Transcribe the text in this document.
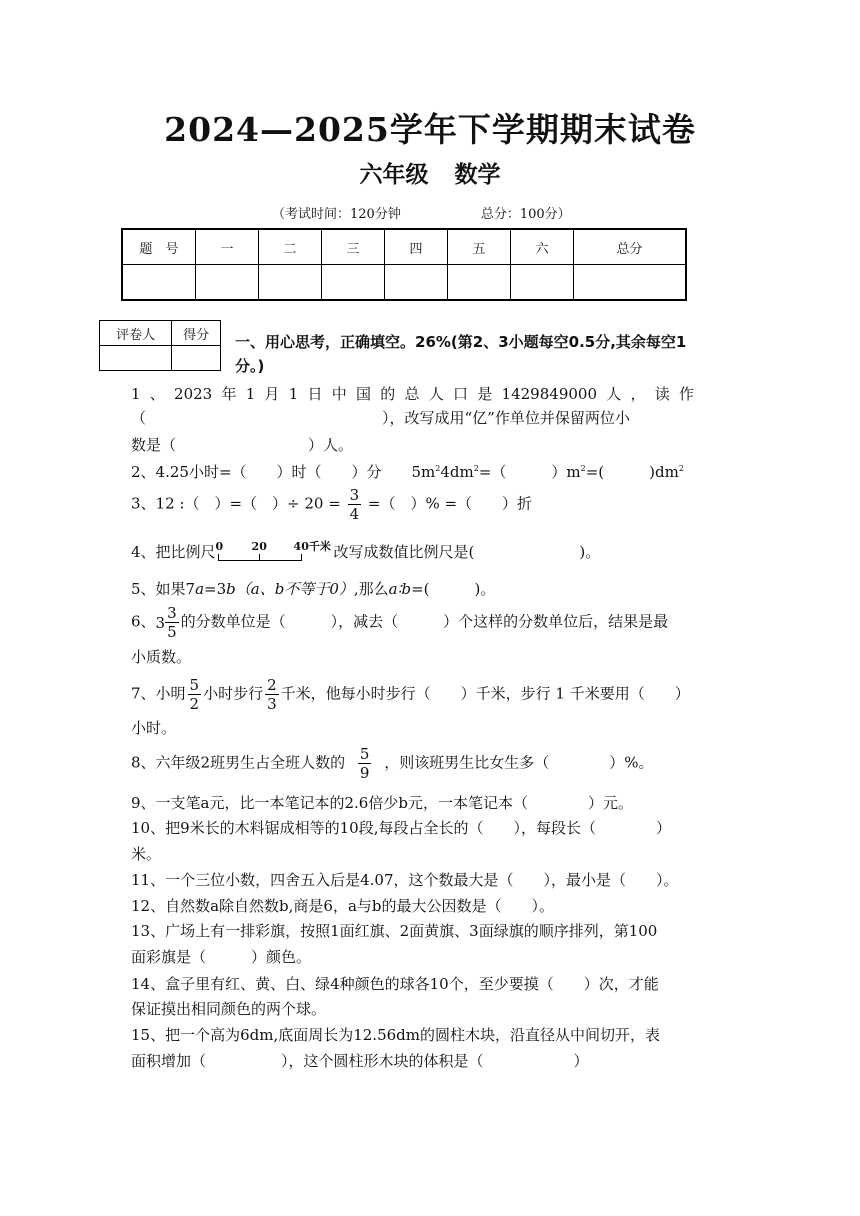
2024—2025学年下学期期末试卷
六年级 数学
（考试时间：120分钟	总分：100分）
题　号	一	二	三	四	五	六	总分

评卷人	得分
	一、用心思考，正确填空。26%(第2、3小题每空0.5分,其余每空1分。)
1、2023年1月1日中国的总人口是1429849000人，读作
（	），改写成用“亿”作单位并保留两位小
数是（	）人。
2、4.25小时=（　　）时（　　）分　　$5m^24dm^2=$（　　　）$m^2=$(　　　)$dm^2$
3、12 :（　）=（　）÷ $20 = \frac{3}{4}$ =（　）% =（　　）折
4、把比例尺 0	20 40千米 改写成数值比例尺是(　　　　　　　)。
5、如果7a=3b（a、b不等于0）,那么a∶b=(　　　)。
6、 $3 \frac{3}{5}$ 的分数单位是（　　　），减去（　　　）个这样的分数单位后，结果是最
小质数。
7、小明 $\frac{5}{2}$ 小时步行 $\frac{2}{3}$ 千米，他每小时步行（　　）千米，步行 1 千米要用（　　）
小时。
8、六年级2班男生占全班人数的 $\frac{5}{9}$ ，则该班男生比女生多（　　　　）%。
9、一支笔a元，比一本笔记本的2.6倍少b元，一本笔记本（　　　　）元。
10、把9米长的木料锯成相等的10段,每段占全长的（　　），每段长（　　　　）
米。
11、一个三位小数，四舍五入后是4.07，这个数最大是（　　），最小是（　　）。
12、自然数a除自然数b,商是6，a与b的最大公因数是（　　）。
13、广场上有一排彩旗，按照1面红旗、2面黄旗、3面绿旗的顺序排列，第100
面彩旗是（　　　）颜色。
14、盒子里有红、黄、白、绿4种颜色的球各10个，至少要摸（　　）次，才能
保证摸出相同颜色的两个球。
15、把一个高为6dm,底面周长为12.56dm的圆柱木块，沿直径从中间切开，表
面积增加（　　　　　），这个圆柱形木块的体积是（　　　　　　）
